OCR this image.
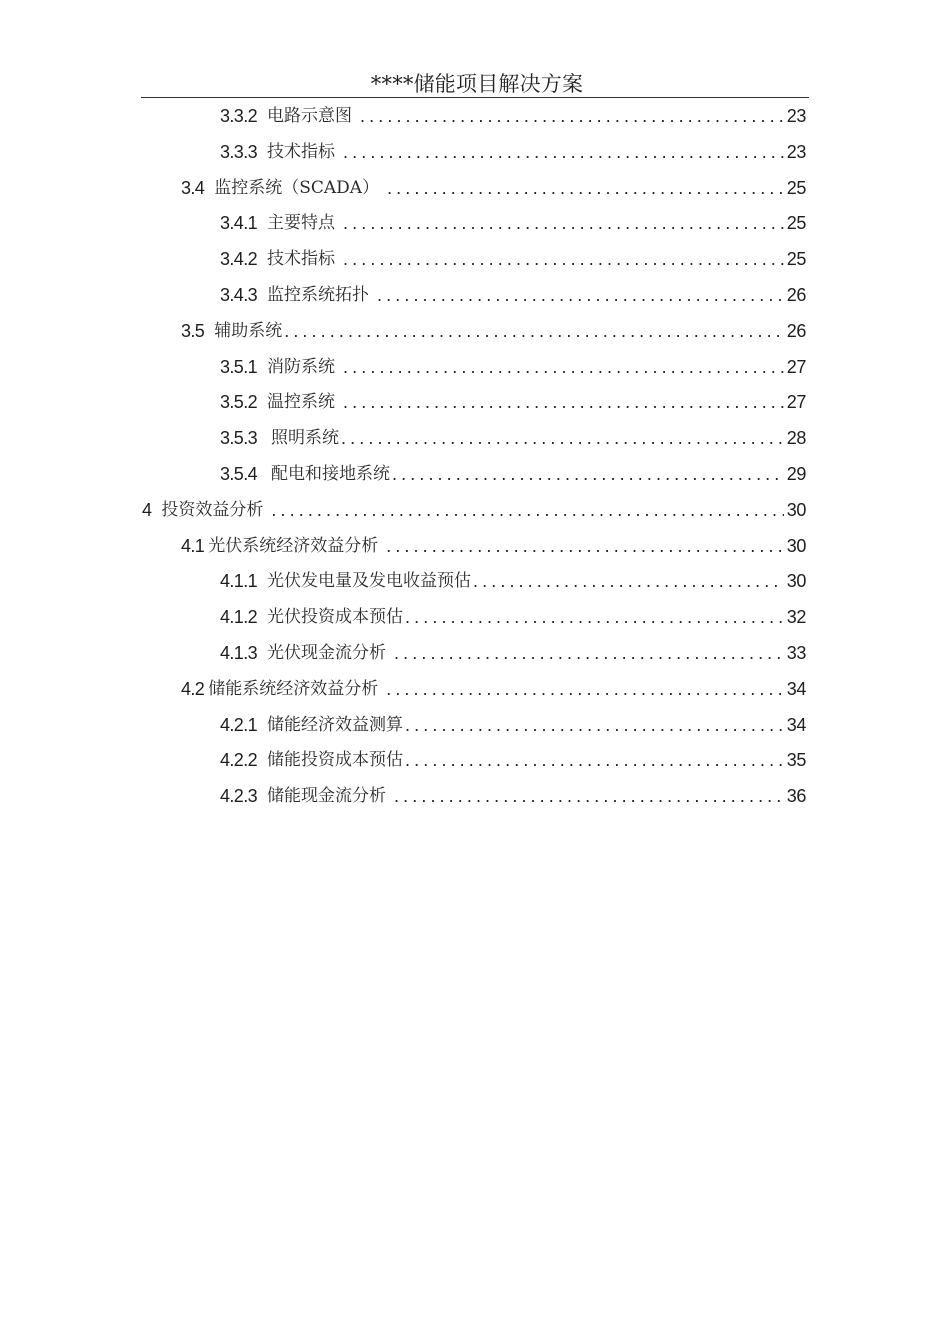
****储能项目解决方案
3.3.2 电路示意图 .....	23
3.3.3 技术指标 .....	23
3.4 监控系统（SCADA） .....	25
3.4.1 主要特点 .....	25
3.4.2 技术指标 .....	25
3.4.3 监控系统拓扑 .....	26
3.5 辅助系统 .....	26
3.5.1 消防系统 .....	27
3.5.2 温控系统 .....	27
3.5.3 照明系统 .....	28
3.5.4 配电和接地系统 .....	29
4 投资效益分析 .....	30
4.1 光伏系统经济效益分析 .....	30
4.1.1 光伏发电量及发电收益预估 .....	30
4.1.2 光伏投资成本预估 .....	32
4.1.3 光伏现金流分析 .....	33
4.2 储能系统经济效益分析 .....	34
4.2.1 储能经济效益测算 .....	34
4.2.2 储能投资成本预估 .....	35
4.2.3 储能现金流分析 .....	36
